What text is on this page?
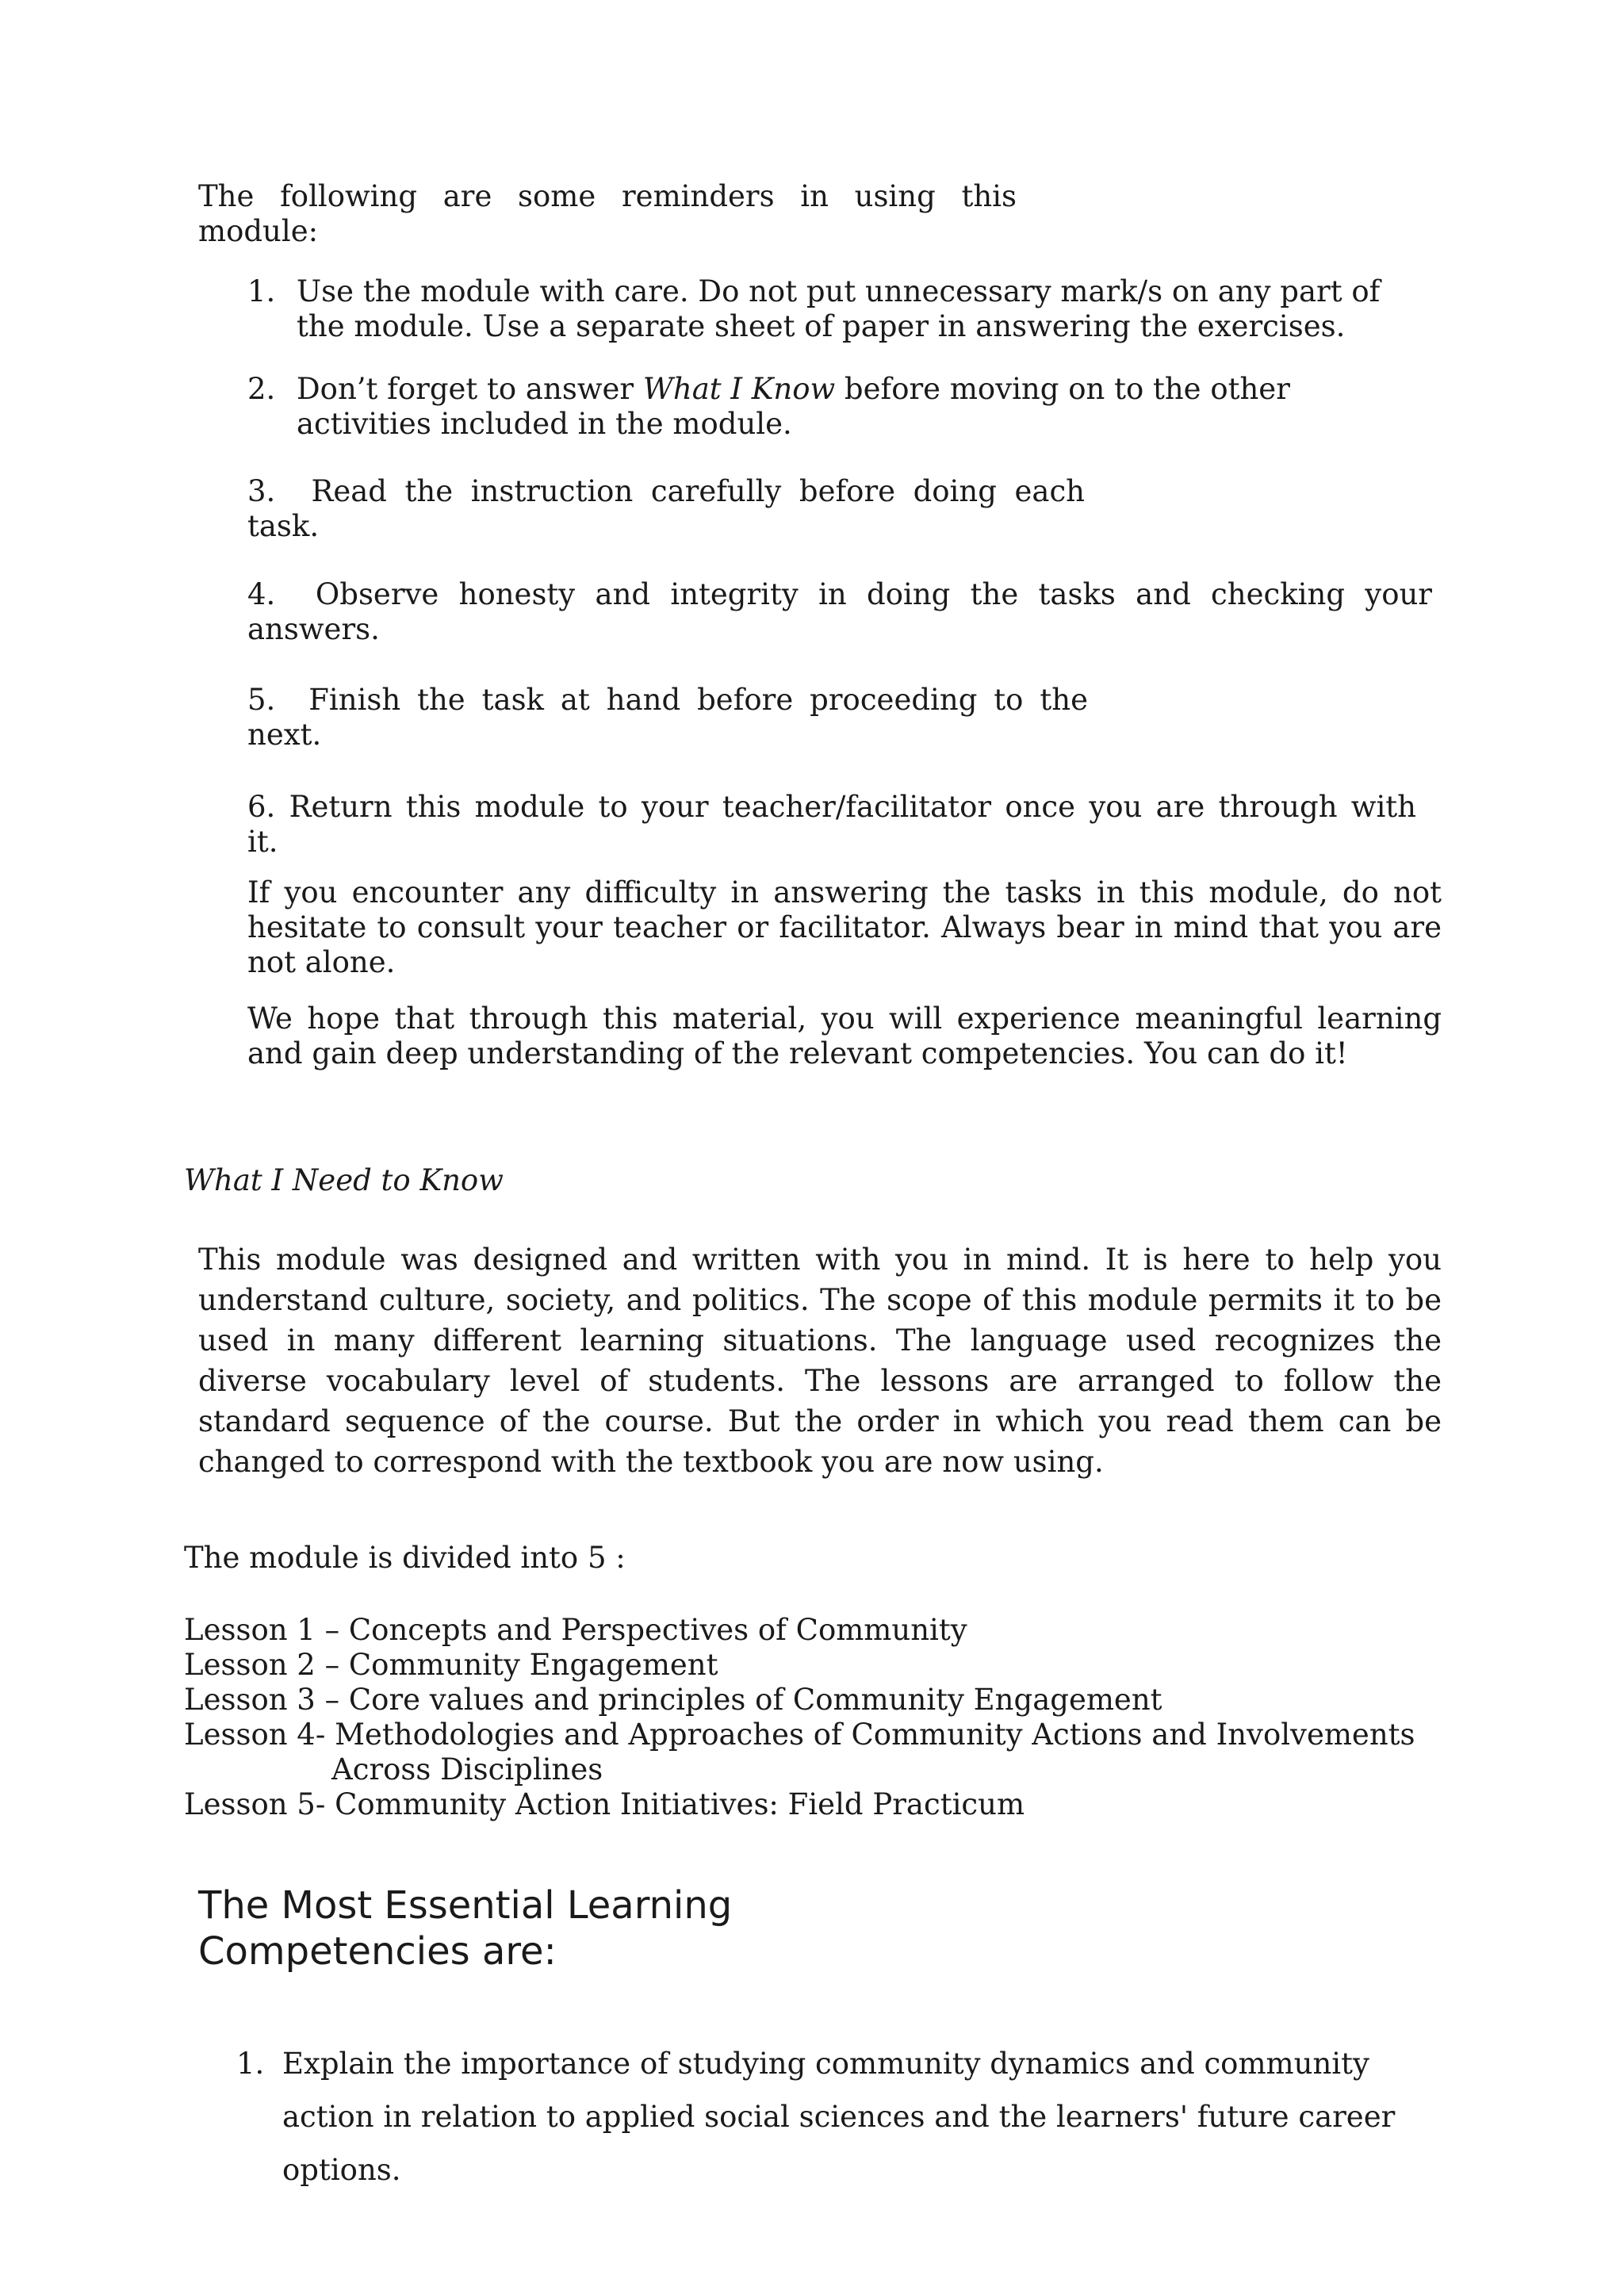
The following are some reminders in using this
module:
1. Use the module with care. Do not put unnecessary mark/s on any part of
the module. Use a separate sheet of paper in answering the exercises.
2. Don’t forget to answer What I Know before moving on to the other
activities included in the module.
3. Read the instruction carefully before doing each
task.
4. Observe honesty and integrity in doing the tasks and checking your
answers.
5. Finish the task at hand before proceeding to the
next.
6. Return this module to your teacher/facilitator once you are through with
it.
If you encounter any difficulty in answering the tasks in this module, do not hesitate to consult your teacher or facilitator. Always bear in mind that you are not alone.
We hope that through this material, you will experience meaningful learning and gain deep understanding of the relevant competencies. You can do it!
What I Need to Know
This module was designed and written with you in mind. It is here to help you
understand culture, society, and politics. The scope of this module permits it to be
used in many different learning situations. The language used recognizes the
diverse vocabulary level of students. The lessons are arranged to follow the
standard sequence of the course. But the order in which you read them can be
changed to correspond with the textbook you are now using.
The module is divided into 5 :
Lesson 1 – Concepts and Perspectives of Community
Lesson 2 – Community Engagement
Lesson 3 – Core values and principles of Community Engagement
Lesson 4- Methodologies and Approaches of Community Actions and Involvements
Across Disciplines
Lesson 5- Community Action Initiatives: Field Practicum
The Most Essential Learning
Competencies are:
1. Explain the importance of studying community dynamics and community
action in relation to applied social sciences and the learners' future career
options.
